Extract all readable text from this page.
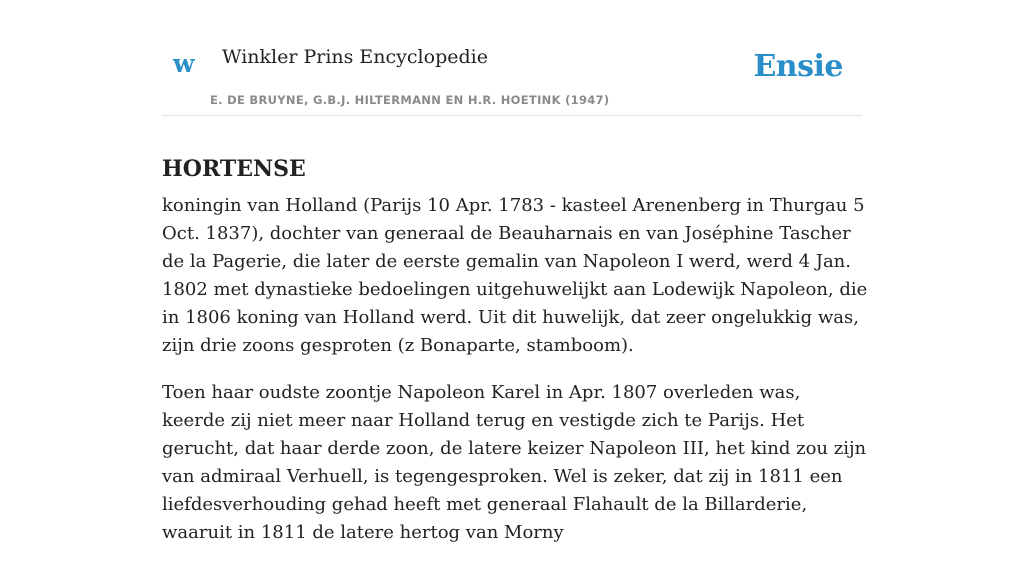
w Winkler Prins Encyclopedie
E. DE BRUYNE, G.B.J. HILTERMANN EN H.R. HOETINK (1947)
Ensie
HORTENSE

koningin van Holland (Parijs 10 Apr. 1783 - kasteel Arenenberg in Thurgau 5 Oct. 1837), dochter van generaal de Beauharnais en van Joséphine Tascher de la Pagerie, die later de eerste gemalin van Napoleon I werd, werd 4 Jan. 1802 met dynastieke bedoelingen uitgehuwelijkt aan Lodewijk Napoleon, die in 1806 koning van Holland werd. Uit dit huwelijk, dat zeer ongelukkig was, zijn drie zoons gesproten (z Bonaparte, stamboom).

Toen haar oudste zoontje Napoleon Karel in Apr. 1807 overleden was, keerde zij niet meer naar Holland terug en vestigde zich te Parijs. Het gerucht, dat haar derde zoon, de latere keizer Napoleon III, het kind zou zijn van admiraal Verhuell, is tegengesproken. Wel is zeker, dat zij in 1811 een liefdesverhouding gehad heeft met generaal Flahault de la Billarderie, waaruit in 1811 de latere hertog van Morny
